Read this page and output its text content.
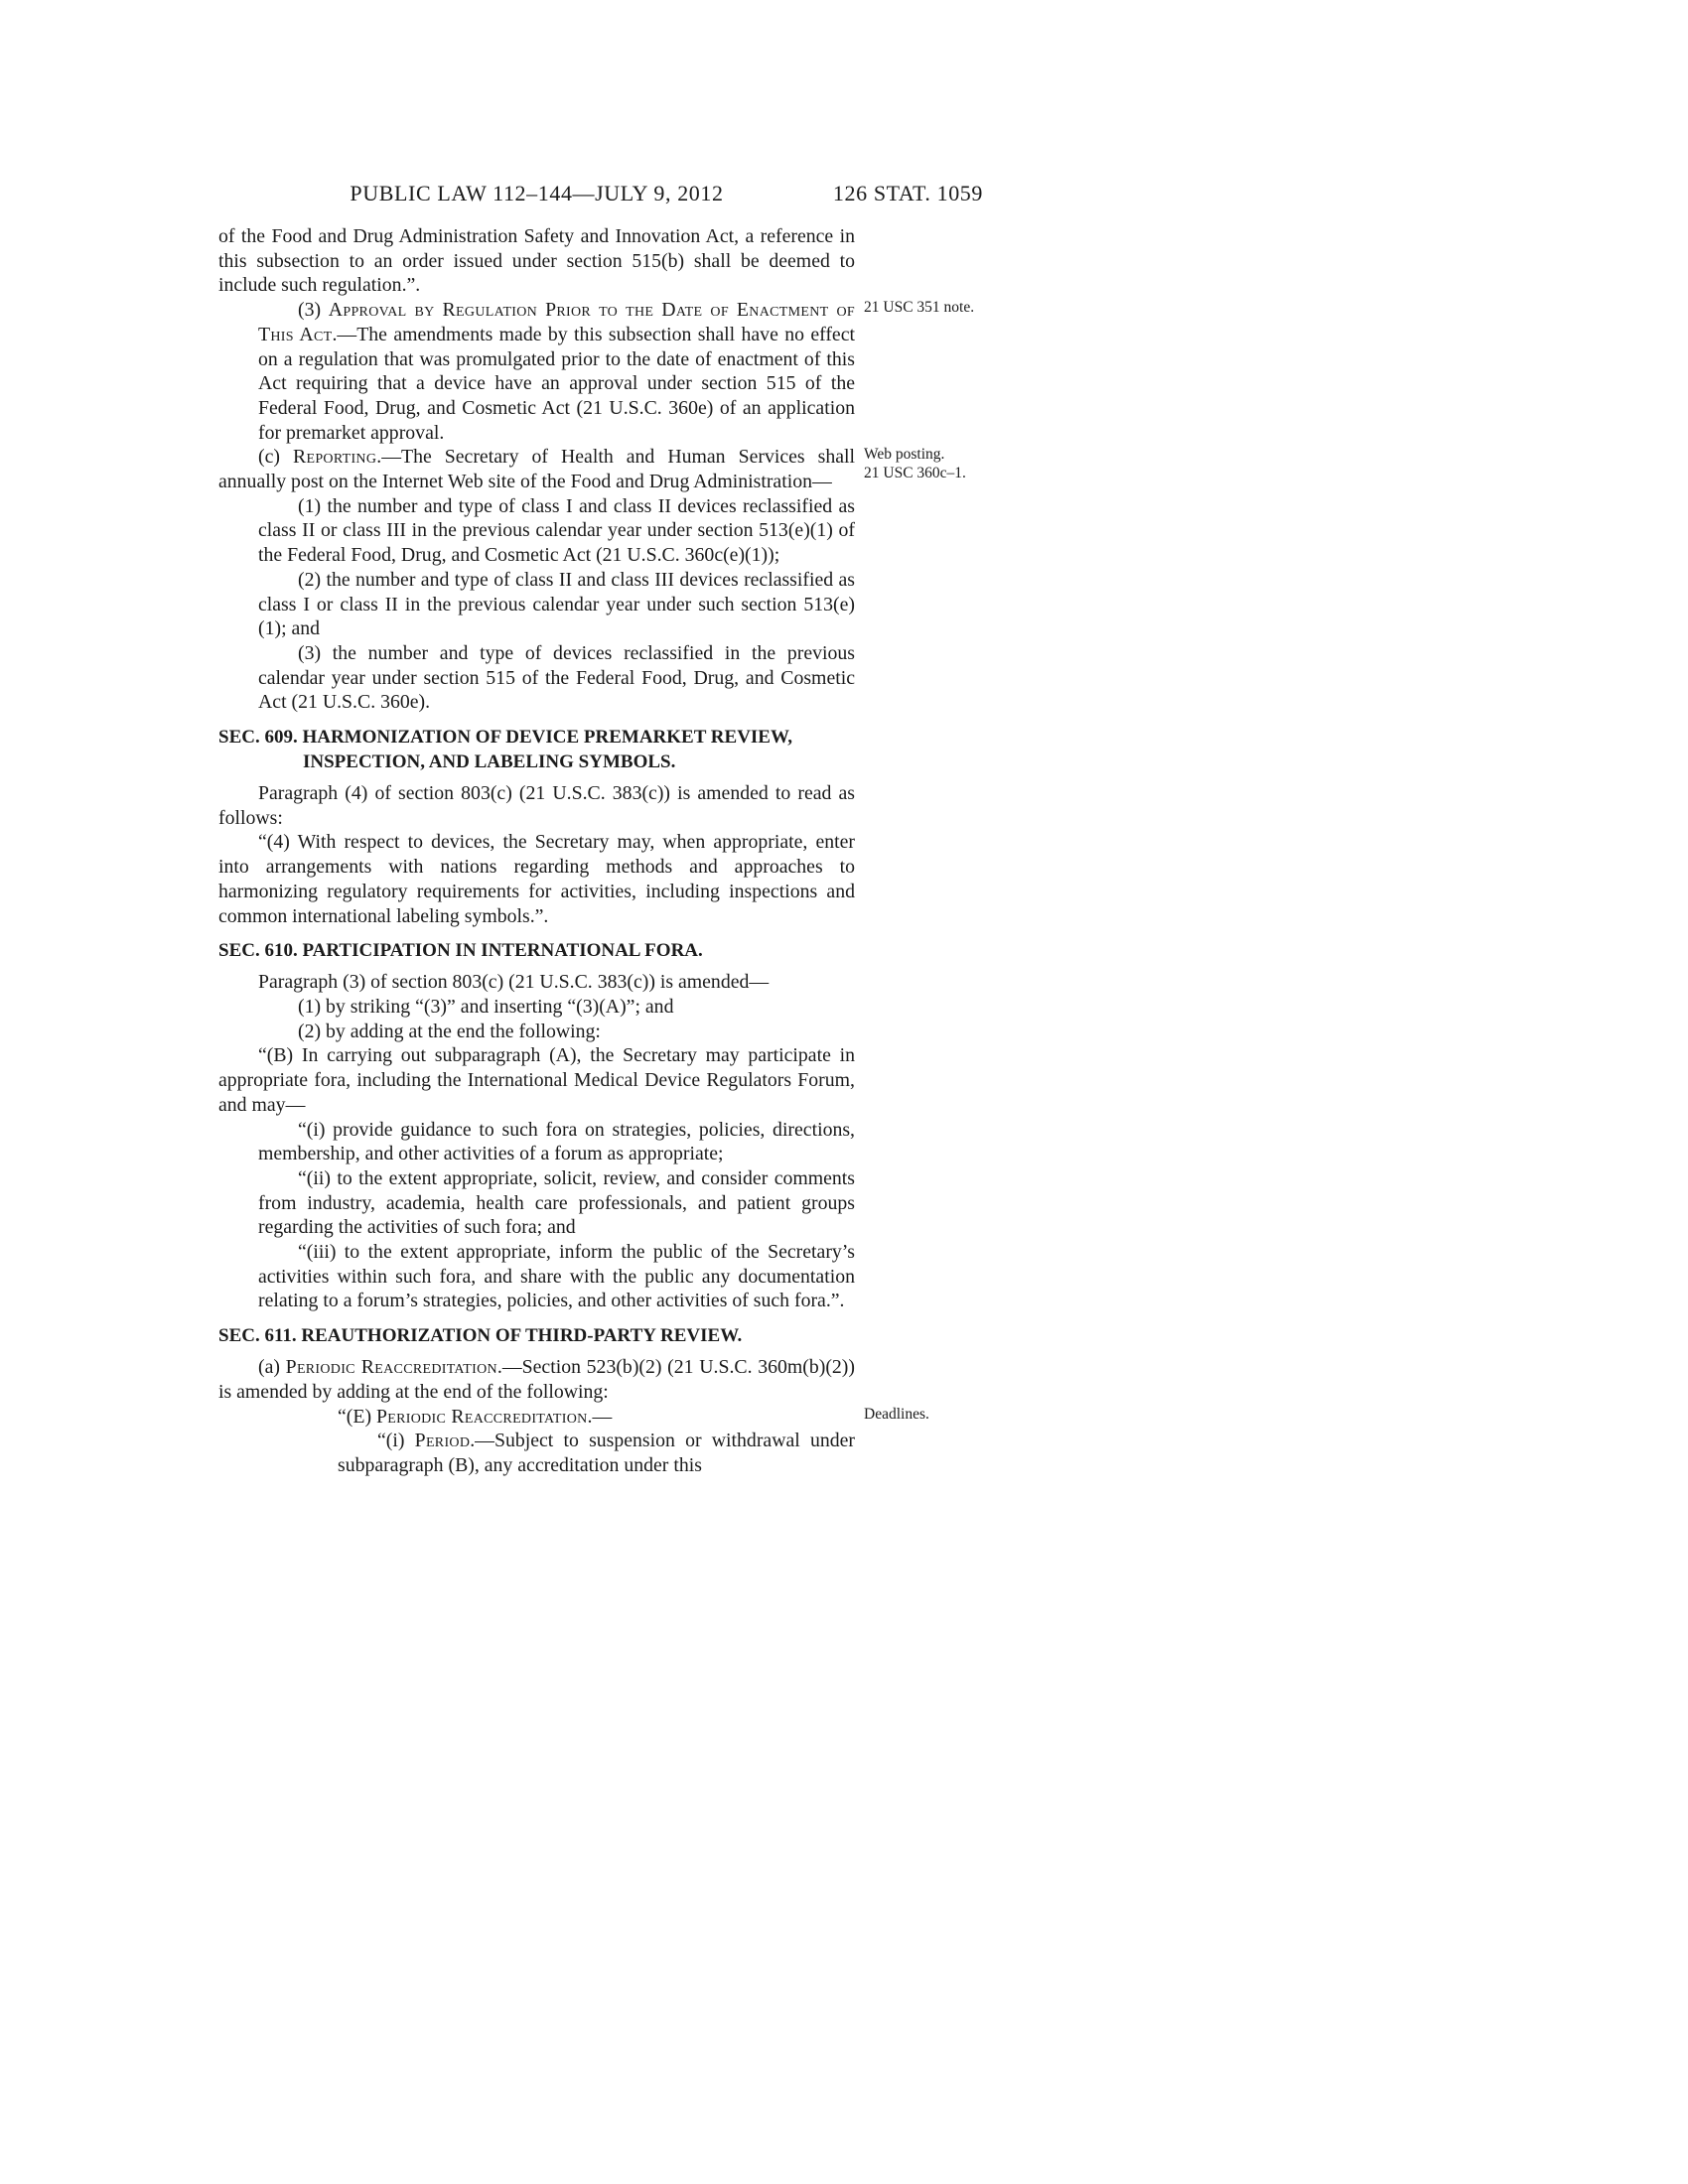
PUBLIC LAW 112–144—JULY 9, 2012	126 STAT. 1059

of the Food and Drug Administration Safety and Innovation Act, a reference in this subsection to an order issued under section 515(b) shall be deemed to include such regulation.”.

(3) Approval by Regulation Prior to the Date of Enactment of This Act.—The amendments made by this subsection shall have no effect on a regulation that was promulgated prior to the date of enactment of this Act requiring that a device have an approval under section 515 of the Federal Food, Drug, and Cosmetic Act (21 U.S.C. 360e) of an application for premarket approval.
21 USC 351 note.

(c) Reporting.—The Secretary of Health and Human Services shall annually post on the Internet Web site of the Food and Drug Administration—
Web posting.
21 USC 360c–1.

(1) the number and type of class I and class II devices reclassified as class II or class III in the previous calendar year under section 513(e)(1) of the Federal Food, Drug, and Cosmetic Act (21 U.S.C. 360c(e)(1));

(2) the number and type of class II and class III devices reclassified as class I or class II in the previous calendar year under such section 513(e)(1); and

(3) the number and type of devices reclassified in the previous calendar year under section 515 of the Federal Food, Drug, and Cosmetic Act (21 U.S.C. 360e).

SEC. 609. HARMONIZATION OF DEVICE PREMARKET REVIEW, INSPECTION, AND LABELING SYMBOLS.

Paragraph (4) of section 803(c) (21 U.S.C. 383(c)) is amended to read as follows:

“(4) With respect to devices, the Secretary may, when appropriate, enter into arrangements with nations regarding methods and approaches to harmonizing regulatory requirements for activities, including inspections and common international labeling symbols.”.

SEC. 610. PARTICIPATION IN INTERNATIONAL FORA.

Paragraph (3) of section 803(c) (21 U.S.C. 383(c)) is amended—

(1) by striking “(3)” and inserting “(3)(A)”; and

(2) by adding at the end the following:

“(B) In carrying out subparagraph (A), the Secretary may participate in appropriate fora, including the International Medical Device Regulators Forum, and may—

“(i) provide guidance to such fora on strategies, policies, directions, membership, and other activities of a forum as appropriate;

“(ii) to the extent appropriate, solicit, review, and consider comments from industry, academia, health care professionals, and patient groups regarding the activities of such fora; and

“(iii) to the extent appropriate, inform the public of the Secretary’s activities within such fora, and share with the public any documentation relating to a forum’s strategies, policies, and other activities of such fora.”.

SEC. 611. REAUTHORIZATION OF THIRD-PARTY REVIEW.

(a) Periodic Reaccreditation.—Section 523(b)(2) (21 U.S.C. 360m(b)(2)) is amended by adding at the end of the following:

“(E) Periodic Reaccreditation.—	Deadlines.

“(i) Period.—Subject to suspension or withdrawal under subparagraph (B), any accreditation under this
